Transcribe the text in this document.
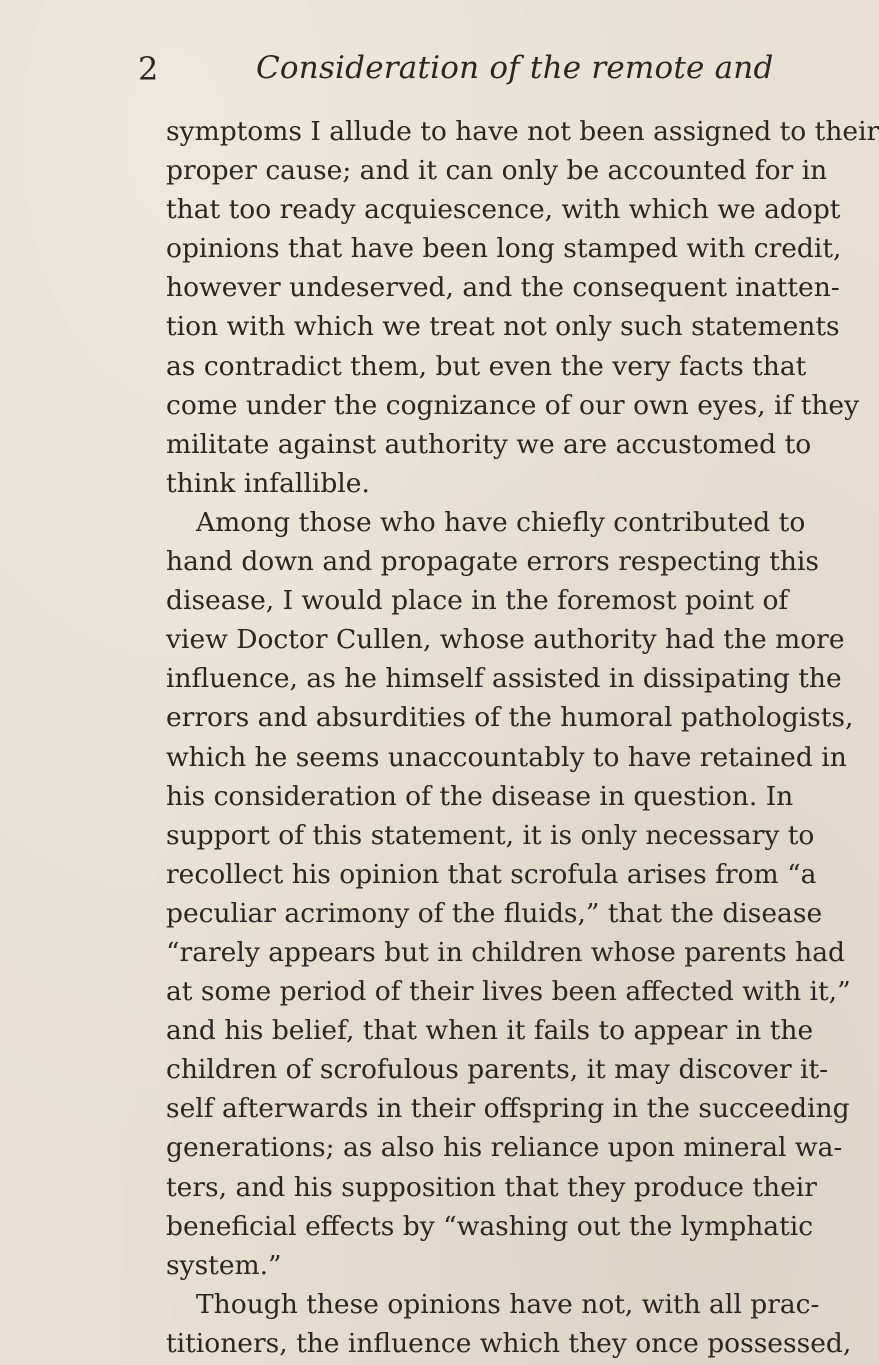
2	Consideration of the remote and
symptoms I allude to have not been assigned to their
proper cause; and it can only be accounted for in
that too ready acquiescence, with which we adopt
opinions that have been long stamped with credit,
however undeserved, and the consequent inatten-
tion with which we treat not only such statements
as contradict them, but even the very facts that
come under the cognizance of our own eyes, if they
militate against authority we are accustomed to
think infallible.
Among those who have chiefly contributed to
hand down and propagate errors respecting this
disease, I would place in the foremost point of
view Doctor Cullen, whose authority had the more
influence, as he himself assisted in dissipating the
errors and absurdities of the humoral pathologists,
which he seems unaccountably to have retained in
his consideration of the disease in question. In
support of this statement, it is only necessary to
recollect his opinion that scrofula arises from “a
peculiar acrimony of the fluids,” that the disease
“rarely appears but in children whose parents had
at some period of their lives been affected with it,”
and his belief, that when it fails to appear in the
children of scrofulous parents, it may discover it-
self afterwards in their offspring in the succeeding
generations; as also his reliance upon mineral wa-
ters, and his supposition that they produce their
beneficial effects by “washing out the lymphatic
system.”
Though these opinions have not, with all prac-
titioners, the influence which they once possessed,
